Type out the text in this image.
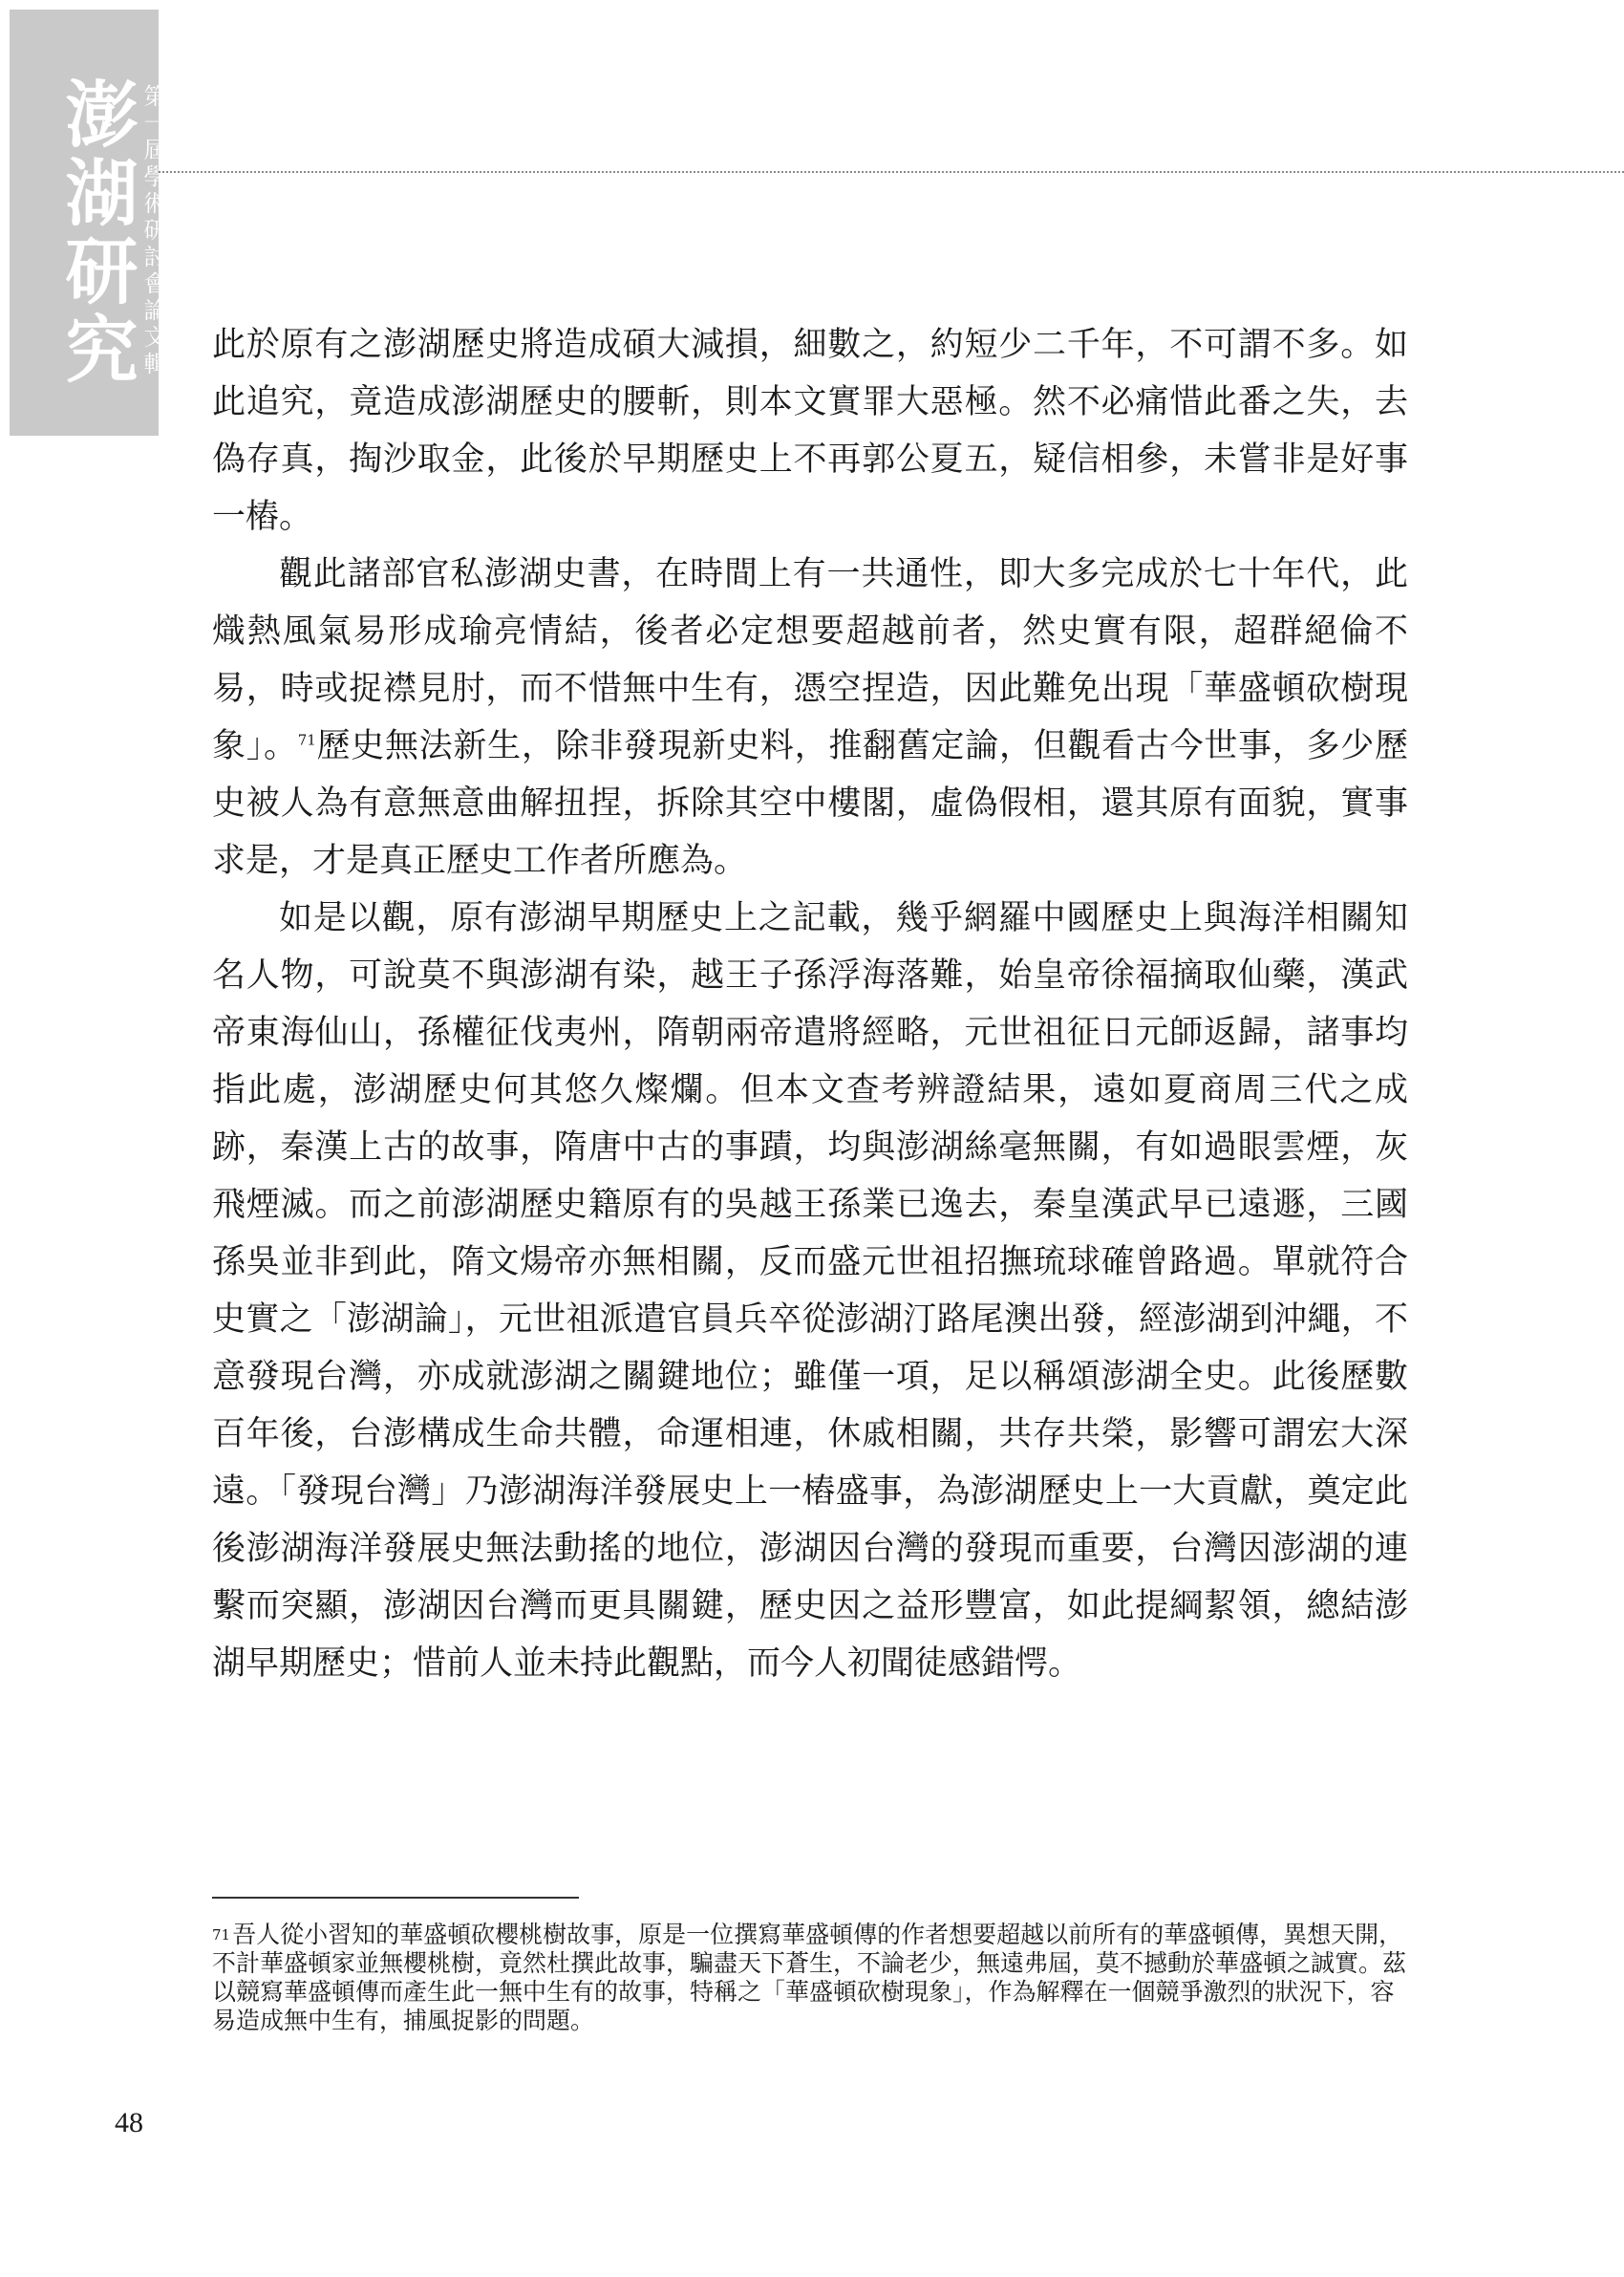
澎湖研究 第一屆學術研討會論文輯 此於原有之澎湖歷史將造成碩大減損，細數之，約短少二千年，不可謂不多。如此追究，竟造成澎湖歷史的腰斬，則本文實罪大惡極。然不必痛惜此番之失，去偽存真，掏沙取金，此後於早期歷史上不再郭公夏五，疑信相參，未嘗非是好事一樁。

觀此諸部官私澎湖史書，在時間上有一共通性，即大多完成於七十年代，此熾熱風氣易形成瑜亮情結，後者必定想要超越前者，然史實有限，超群絕倫不易，時或捉襟見肘，而不惜無中生有，憑空捏造，因此難免出現「華盛頓砍樹現象」。$^{71}$歷史無法新生，除非發現新史料，推翻舊定論，但觀看古今世事，多少歷史被人為有意無意曲解扭捏，拆除其空中樓閣，虛偽假相，還其原有面貌，實事求是，才是真正歷史工作者所應為。

如是以觀，原有澎湖早期歷史上之記載，幾乎網羅中國歷史上與海洋相關知名人物，可說莫不與澎湖有染，越王子孫浮海落難，始皇帝徐福摘取仙藥，漢武帝東海仙山，孫權征伐夷州，隋朝兩帝遣將經略，元世祖征日元師返歸，諸事均指此處，澎湖歷史何其悠久燦爛。但本文查考辨證結果，遠如夏商周三代之成跡，秦漢上古的故事，隋唐中古的事蹟，均與澎湖絲毫無關，有如過眼雲煙，灰飛煙滅。而之前澎湖歷史籍原有的吳越王孫業已逸去，秦皇漢武早已遠遯，三國孫吳並非到此，隋文煬帝亦無相關，反而盛元世祖招撫琉球確曾路過。單就符合史實之「澎湖論」，元世祖派遣官員兵卒從澎湖汀路尾澳出發，經澎湖到沖繩，不意發現台灣，亦成就澎湖之關鍵地位；雖僅一項，足以稱頌澎湖全史。此後歷數百年後，台澎構成生命共體，命運相連，休戚相關，共存共榮，影響可謂宏大深遠。「發現台灣」乃澎湖海洋發展史上一樁盛事，為澎湖歷史上一大貢獻，奠定此後澎湖海洋發展史無法動搖的地位，澎湖因台灣的發現而重要，台灣因澎湖的連繫而突顯，澎湖因台灣而更具關鍵，歷史因之益形豐富，如此提綱絜領，總結澎湖早期歷史；惜前人並未持此觀點，而今人初聞徒感錯愕。

$^{71}$吾人從小習知的華盛頓砍櫻桃樹故事，原是一位撰寫華盛頓傳的作者想要超越以前所有的華盛頓傳，異想天開，不計華盛頓家並無櫻桃樹，竟然杜撰此故事，騙盡天下蒼生，不論老少，無遠弗屆，莫不撼動於華盛頓之誠實。茲以競寫華盛頓傳而產生此一無中生有的故事，特稱之「華盛頓砍樹現象」，作為解釋在一個競爭激烈的狀況下，容易造成無中生有，捕風捉影的問題。
48
